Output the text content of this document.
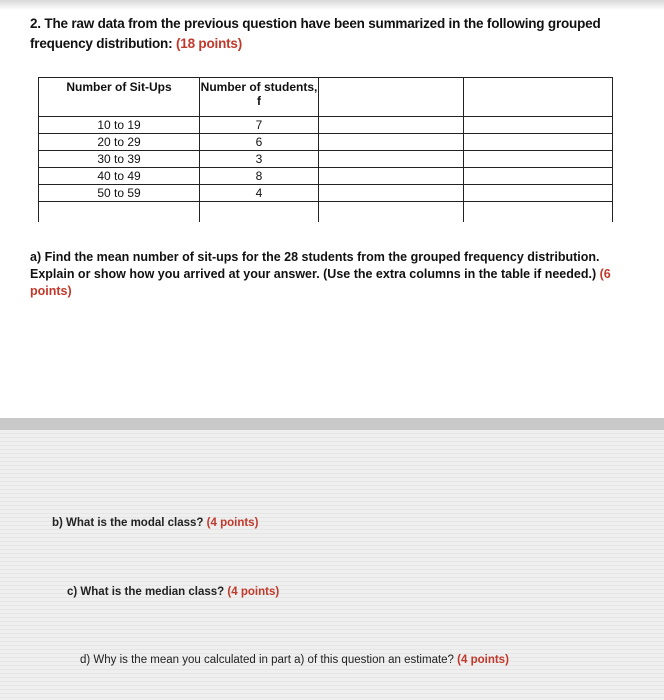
2. The raw data from the previous question have been summarized in the following grouped frequency distribution: (18 points)
Number of Sit-Ups	Number of students, f		
10 to 19	7		
20 to 29	6		
30 to 39	3		
40 to 49	8		
50 to 59	4		

a) Find the mean number of sit-ups for the 28 students from the grouped frequency distribution. Explain or show how you arrived at your answer. (Use the extra columns in the table if needed.) (6 points)
b) What is the modal class? (4 points)
c) What is the median class? (4 points)
d) Why is the mean you calculated in part a) of this question an estimate? (4 points)
